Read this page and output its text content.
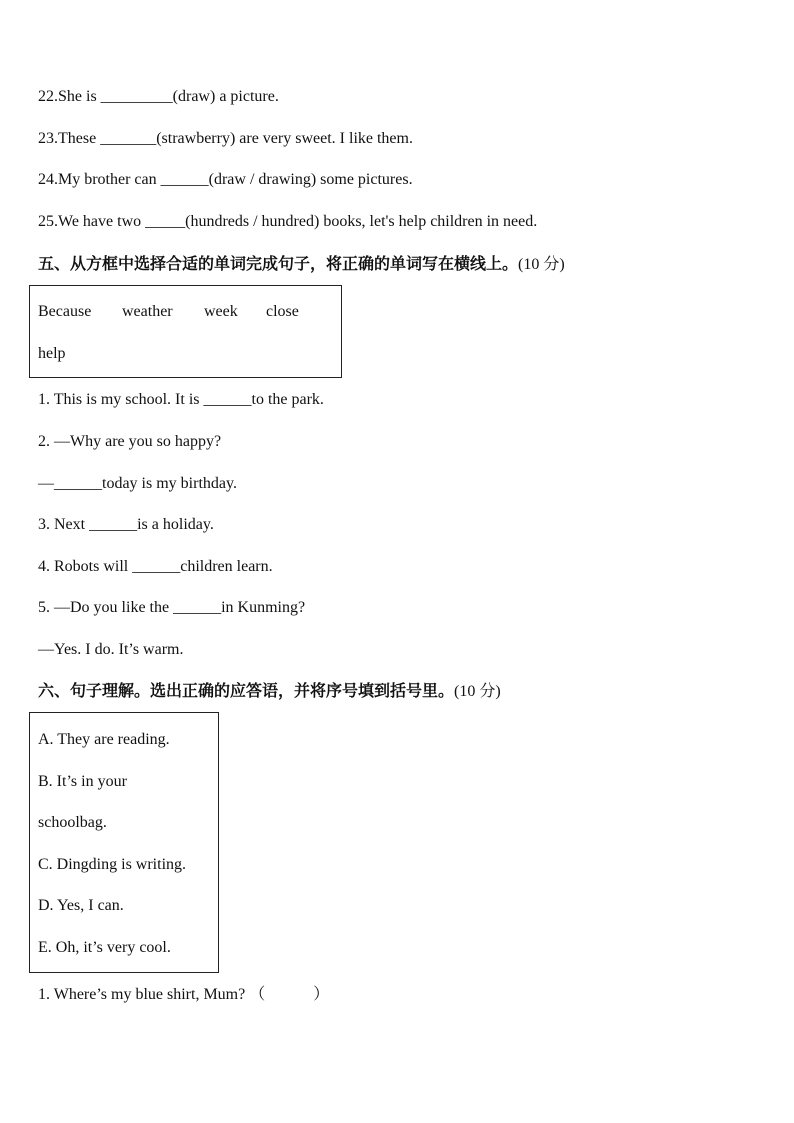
22.She is _________(draw) a picture.
23.These _______(strawberry) are very sweet. I like them.
24.My brother can ______(draw / drawing) some pictures.
25.We have two _____(hundreds / hundred) books, let's help children in need.
五、从方框中选择合适的单词完成句子，将正确的单词写在横线上。(10 分)
Because weather week close
help
1. This is my school. It is ______to the park.
2. —Why are you so happy?
—______today is my birthday.
3. Next ______is a holiday.
4. Robots will ______children learn.
5. —Do you like the ______in Kunming?
—Yes. I do. It’s warm.
六、句子理解。选出正确的应答语，并将序号填到括号里。(10 分)
A. They are reading.
B. It’s in your
schoolbag.
C. Dingding is writing.
D. Yes, I can.
E. Oh, it’s very cool.
1. Where’s my blue shirt, Mum? （　　　）
